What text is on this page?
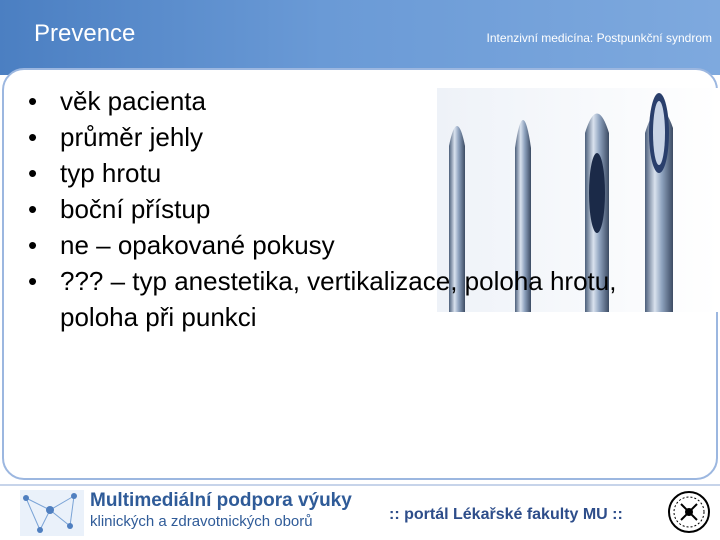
Prevence	Intenzivní medicína: Postpunkční syndrom
• věk pacienta
• průměr jehly
• typ hrotu
• boční přístup
• ne – opakované pokusy
• ??? – typ anestetika, vertikalizace, poloha hrotu, poloha při punkci
Multimediální podpora výuky
klinických a zdravotnických oborů	:: portál Lékařské fakulty MU ::
